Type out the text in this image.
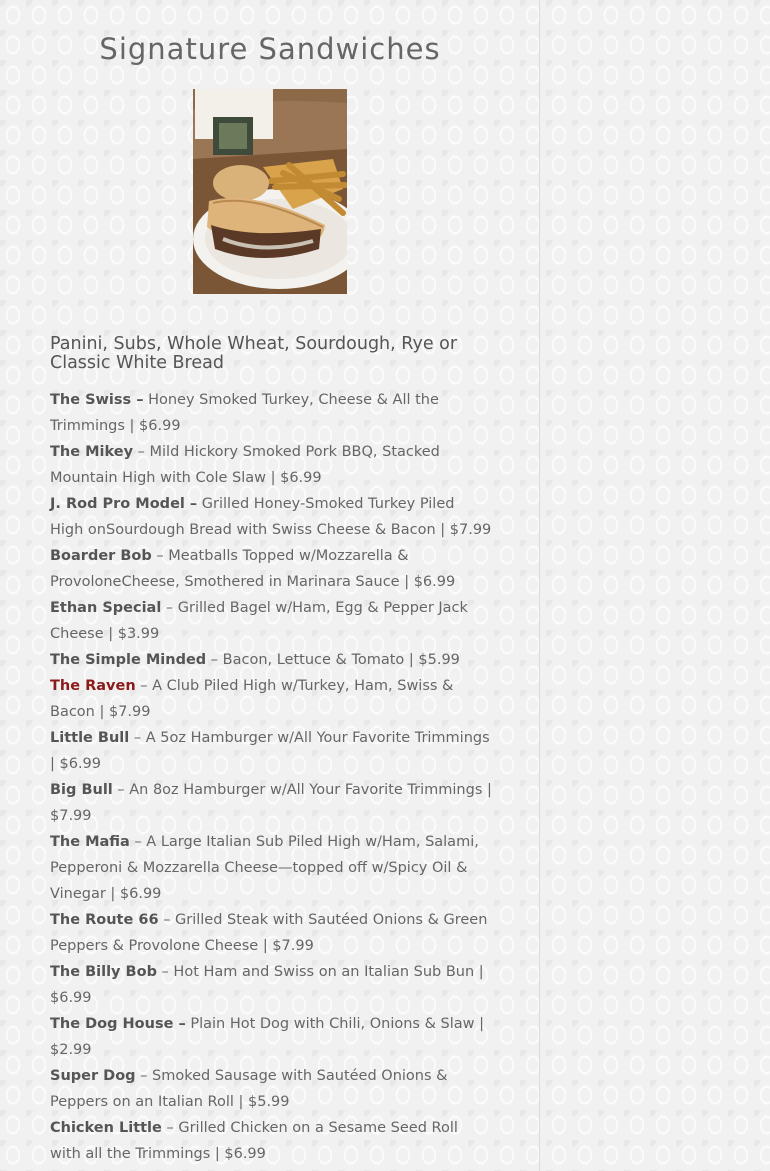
Signature Sandwiches
Panini, Subs, Whole Wheat, Sourdough, Rye or Classic White Bread
The Swiss – Honey Smoked Turkey, Cheese & All the Trimmings | $6.99
The Mikey – Mild Hickory Smoked Pork BBQ, Stacked Mountain High with Cole Slaw | $6.99
J. Rod Pro Model – Grilled Honey-Smoked Turkey Piled High onSourdough Bread with Swiss Cheese & Bacon | $7.99
Boarder Bob – Meatballs Topped w/Mozzarella & ProvoloneCheese, Smothered in Marinara Sauce | $6.99
Ethan Special – Grilled Bagel w/Ham, Egg & Pepper Jack Cheese | $3.99
The Simple Minded – Bacon, Lettuce & Tomato | $5.99
The Raven – A Club Piled High w/Turkey, Ham, Swiss & Bacon | $7.99
Little Bull – A 5oz Hamburger w/All Your Favorite Trimmings | $6.99
Big Bull – An 8oz Hamburger w/All Your Favorite Trimmings | $7.99
The Mafia – A Large Italian Sub Piled High w/Ham, Salami, Pepperoni & Mozzarella Cheese—topped off w/Spicy Oil & Vinegar | $6.99
The Route 66 – Grilled Steak with Sautéed Onions & Green Peppers & Provolone Cheese | $7.99
The Billy Bob – Hot Ham and Swiss on an Italian Sub Bun | $6.99
The Dog House – Plain Hot Dog with Chili, Onions & Slaw | $2.99
Super Dog – Smoked Sausage with Sautéed Onions & Peppers on an Italian Roll | $5.99
Chicken Little – Grilled Chicken on a Sesame Seed Roll with all the Trimmings | $6.99
